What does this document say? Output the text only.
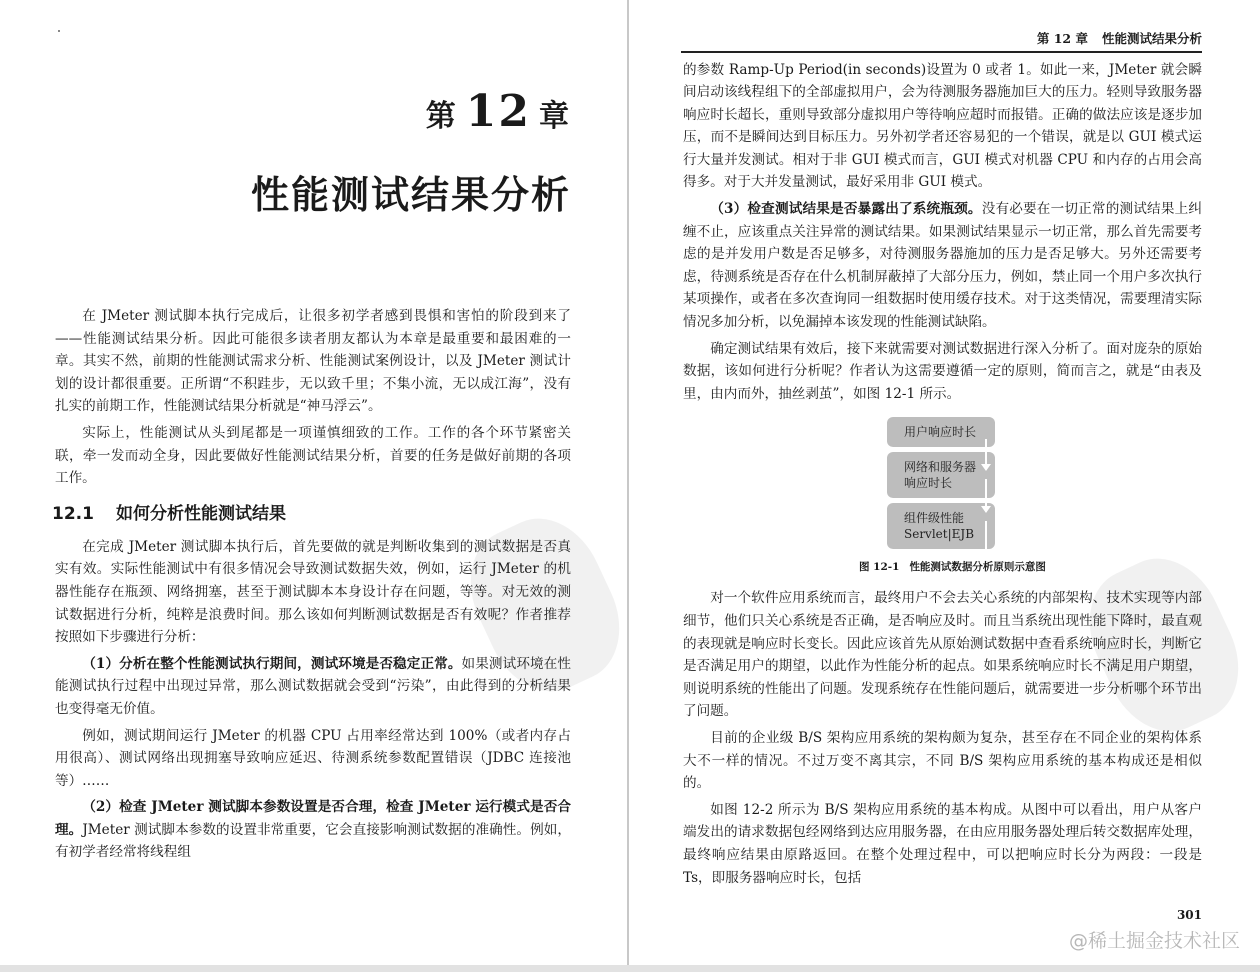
第 12 章
性能测试结果分析

在 JMeter 测试脚本执行完成后，让很多初学者感到畏惧和害怕的阶段到来了——性能测试结果分析。因此可能很多读者朋友都认为本章是最重要和最困难的一章。其实不然，前期的性能测试需求分析、性能测试案例设计，以及 JMeter 测试计划的设计都很重要。正所谓“不积跬步，无以致千里；不集小流，无以成江海”，没有扎实的前期工作，性能测试结果分析就是“神马浮云”。

实际上，性能测试从头到尾都是一项谨慎细致的工作。工作的各个环节紧密关联，牵一发而动全身，因此要做好性能测试结果分析，首要的任务是做好前期的各项工作。

12.1 如何分析性能测试结果

在完成 JMeter 测试脚本执行后，首先要做的就是判断收集到的测试数据是否真实有效。实际性能测试中有很多情况会导致测试数据失效，例如，运行 JMeter 的机器性能存在瓶颈、网络拥塞，甚至于测试脚本本身设计存在问题，等等。对无效的测试数据进行分析，纯粹是浪费时间。那么该如何判断测试数据是否有效呢？作者推荐按照如下步骤进行分析：

（1）分析在整个性能测试执行期间，测试环境是否稳定正常。如果测试环境在性能测试执行过程中出现过异常，那么测试数据就会受到“污染”，由此得到的分析结果也变得毫无价值。

例如，测试期间运行 JMeter 的机器 CPU 占用率经常达到 100%（或者内存占用很高）、测试网络出现拥塞导致响应延迟、待测系统参数配置错误（JDBC 连接池等）……

（2）检查 JMeter 测试脚本参数设置是否合理，检查 JMeter 运行模式是否合理。JMeter 测试脚本参数的设置非常重要，它会直接影响测试数据的准确性。例如，有初学者经常将线程组

第 12 章 性能测试结果分析

的参数 Ramp-Up Period(in seconds)设置为 0 或者 1。如此一来，JMeter 就会瞬间启动该线程组下的全部虚拟用户，会为待测服务器施加巨大的压力。轻则导致服务器响应时长超长，重则导致部分虚拟用户等待响应超时而报错。正确的做法应该是逐步加压，而不是瞬间达到目标压力。另外初学者还容易犯的一个错误，就是以 GUI 模式运行大量并发测试。相对于非 GUI 模式而言，GUI 模式对机器 CPU 和内存的占用会高得多。对于大并发量测试，最好采用非 GUI 模式。

（3）检查测试结果是否暴露出了系统瓶颈。没有必要在一切正常的测试结果上纠缠不止，应该重点关注异常的测试结果。如果测试结果显示一切正常，那么首先需要考虑的是并发用户数是否足够多，对待测服务器施加的压力是否足够大。另外还需要考虑，待测系统是否存在什么机制屏蔽掉了大部分压力，例如，禁止同一个用户多次执行某项操作，或者在多次查询同一组数据时使用缓存技术。对于这类情况，需要理清实际情况多加分析，以免漏掉本该发现的性能测试缺陷。

确定测试结果有效后，接下来就需要对测试数据进行深入分析了。面对庞杂的原始数据，该如何进行分析呢？作者认为这需要遵循一定的原则，简而言之，就是“由表及里，由内而外，抽丝剥茧”，如图 12-1 所示。

用户响应时长
网络和服务器
响应时长
组件级性能
Servlet|EJB
图 12-1 性能测试数据分析原则示意图

对一个软件应用系统而言，最终用户不会去关心系统的内部架构、技术实现等内部细节，他们只关心系统是否正确，是否响应及时。而且当系统出现性能下降时，最直观的表现就是响应时长变长。因此应该首先从原始测试数据中查看系统响应时长，判断它是否满足用户的期望，以此作为性能分析的起点。如果系统响应时长不满足用户期望，则说明系统的性能出了问题。发现系统存在性能问题后，就需要进一步分析哪个环节出了问题。

目前的企业级 B/S 架构应用系统的架构颇为复杂，甚至存在不同企业的架构体系大不一样的情况。不过万变不离其宗，不同 B/S 架构应用系统的基本构成还是相似的。

如图 12-2 所示为 B/S 架构应用系统的基本构成。从图中可以看出，用户从客户端发出的请求数据包经网络到达应用服务器，在由应用服务器处理后转交数据库处理，最终响应结果由原路返回。在整个处理过程中，可以把响应时长分为两段：一段是 Ts，即服务器响应时长，包括

301
@稀土掘金技术社区
